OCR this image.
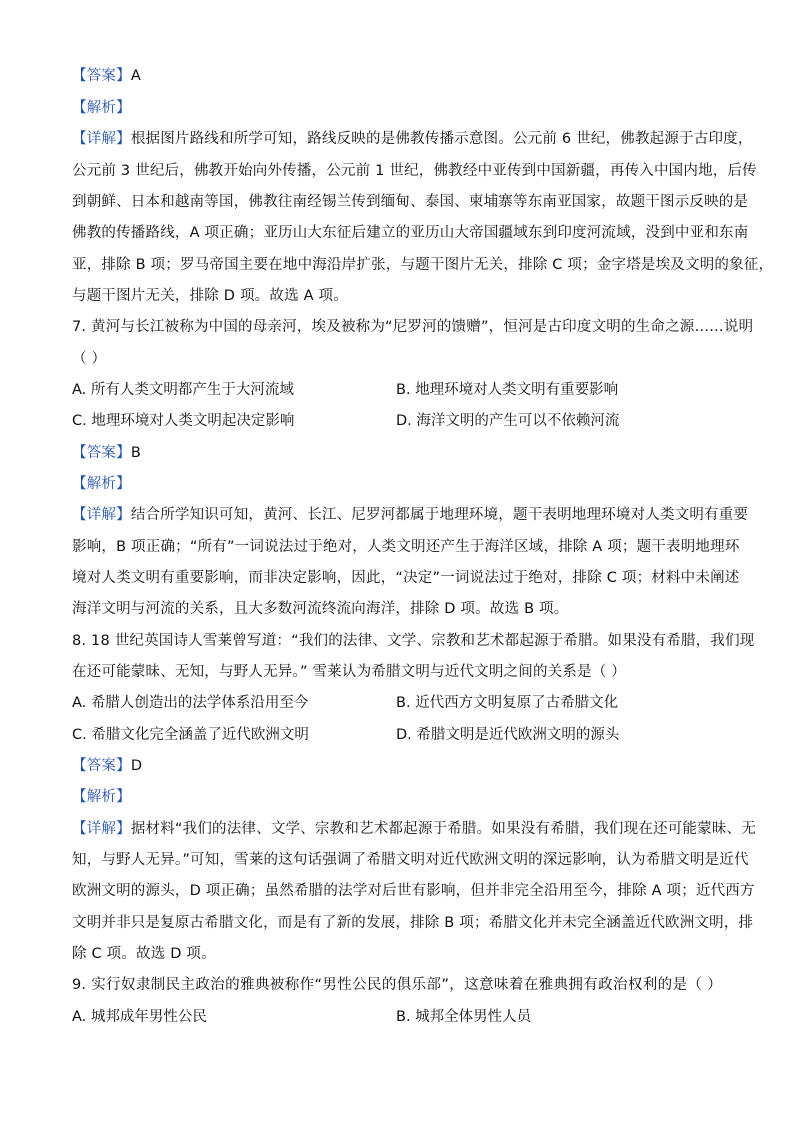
【答案】A
【解析】
【详解】根据图片路线和所学可知，路线反映的是佛教传播示意图。公元前 6 世纪，佛教起源于古印度，
公元前 3 世纪后，佛教开始向外传播，公元前 1 世纪，佛教经中亚传到中国新疆，再传入中国内地，后传
到朝鲜、日本和越南等国，佛教往南经锡兰传到缅甸、泰国、柬埔寨等东南亚国家，故题干图示反映的是
佛教的传播路线，A 项正确；亚历山大东征后建立的亚历山大帝国疆域东到印度河流域，没到中亚和东南
亚，排除 B 项；罗马帝国主要在地中海沿岸扩张，与题干图片无关，排除 C 项；金字塔是埃及文明的象征，
与题干图片无关，排除 D 项。故选 A 项。
7. 黄河与长江被称为中国的母亲河，埃及被称为“尼罗河的馈赠”，恒河是古印度文明的生命之源……说明
（ ）
A. 所有人类文明都产生于大河流域	B. 地理环境对人类文明有重要影响
C. 地理环境对人类文明起决定影响	D. 海洋文明的产生可以不依赖河流
【答案】B
【解析】
【详解】结合所学知识可知，黄河、长江、尼罗河都属于地理环境，题干表明地理环境对人类文明有重要
影响，B 项正确；“所有”一词说法过于绝对，人类文明还产生于海洋区域，排除 A 项；题干表明地理环
境对人类文明有重要影响，而非决定影响，因此，“决定”一词说法过于绝对，排除 C 项；材料中未阐述
海洋文明与河流的关系，且大多数河流终流向海洋，排除 D 项。故选 B 项。
8. 18 世纪英国诗人雪莱曾写道：“我们的法律、文学、宗教和艺术都起源于希腊。如果没有希腊，我们现
在还可能蒙昧、无知，与野人无异。” 雪莱认为希腊文明与近代文明之间的关系是（ ）
A. 希腊人创造出的法学体系沿用至今	B. 近代西方文明复原了古希腊文化
C. 希腊文化完全涵盖了近代欧洲文明	D. 希腊文明是近代欧洲文明的源头
【答案】D
【解析】
【详解】据材料“我们的法律、文学、宗教和艺术都起源于希腊。如果没有希腊，我们现在还可能蒙昧、无
知，与野人无异。”可知，雪莱的这句话强调了希腊文明对近代欧洲文明的深远影响，认为希腊文明是近代
欧洲文明的源头，D 项正确；虽然希腊的法学对后世有影响，但并非完全沿用至今，排除 A 项；近代西方
文明并非只是复原古希腊文化，而是有了新的发展，排除 B 项；希腊文化并未完全涵盖近代欧洲文明，排
除 C 项。故选 D 项。
9. 实行奴隶制民主政治的雅典被称作“男性公民的俱乐部”，这意味着在雅典拥有政治权利的是（ ）
A. 城邦成年男性公民	B. 城邦全体男性人员
